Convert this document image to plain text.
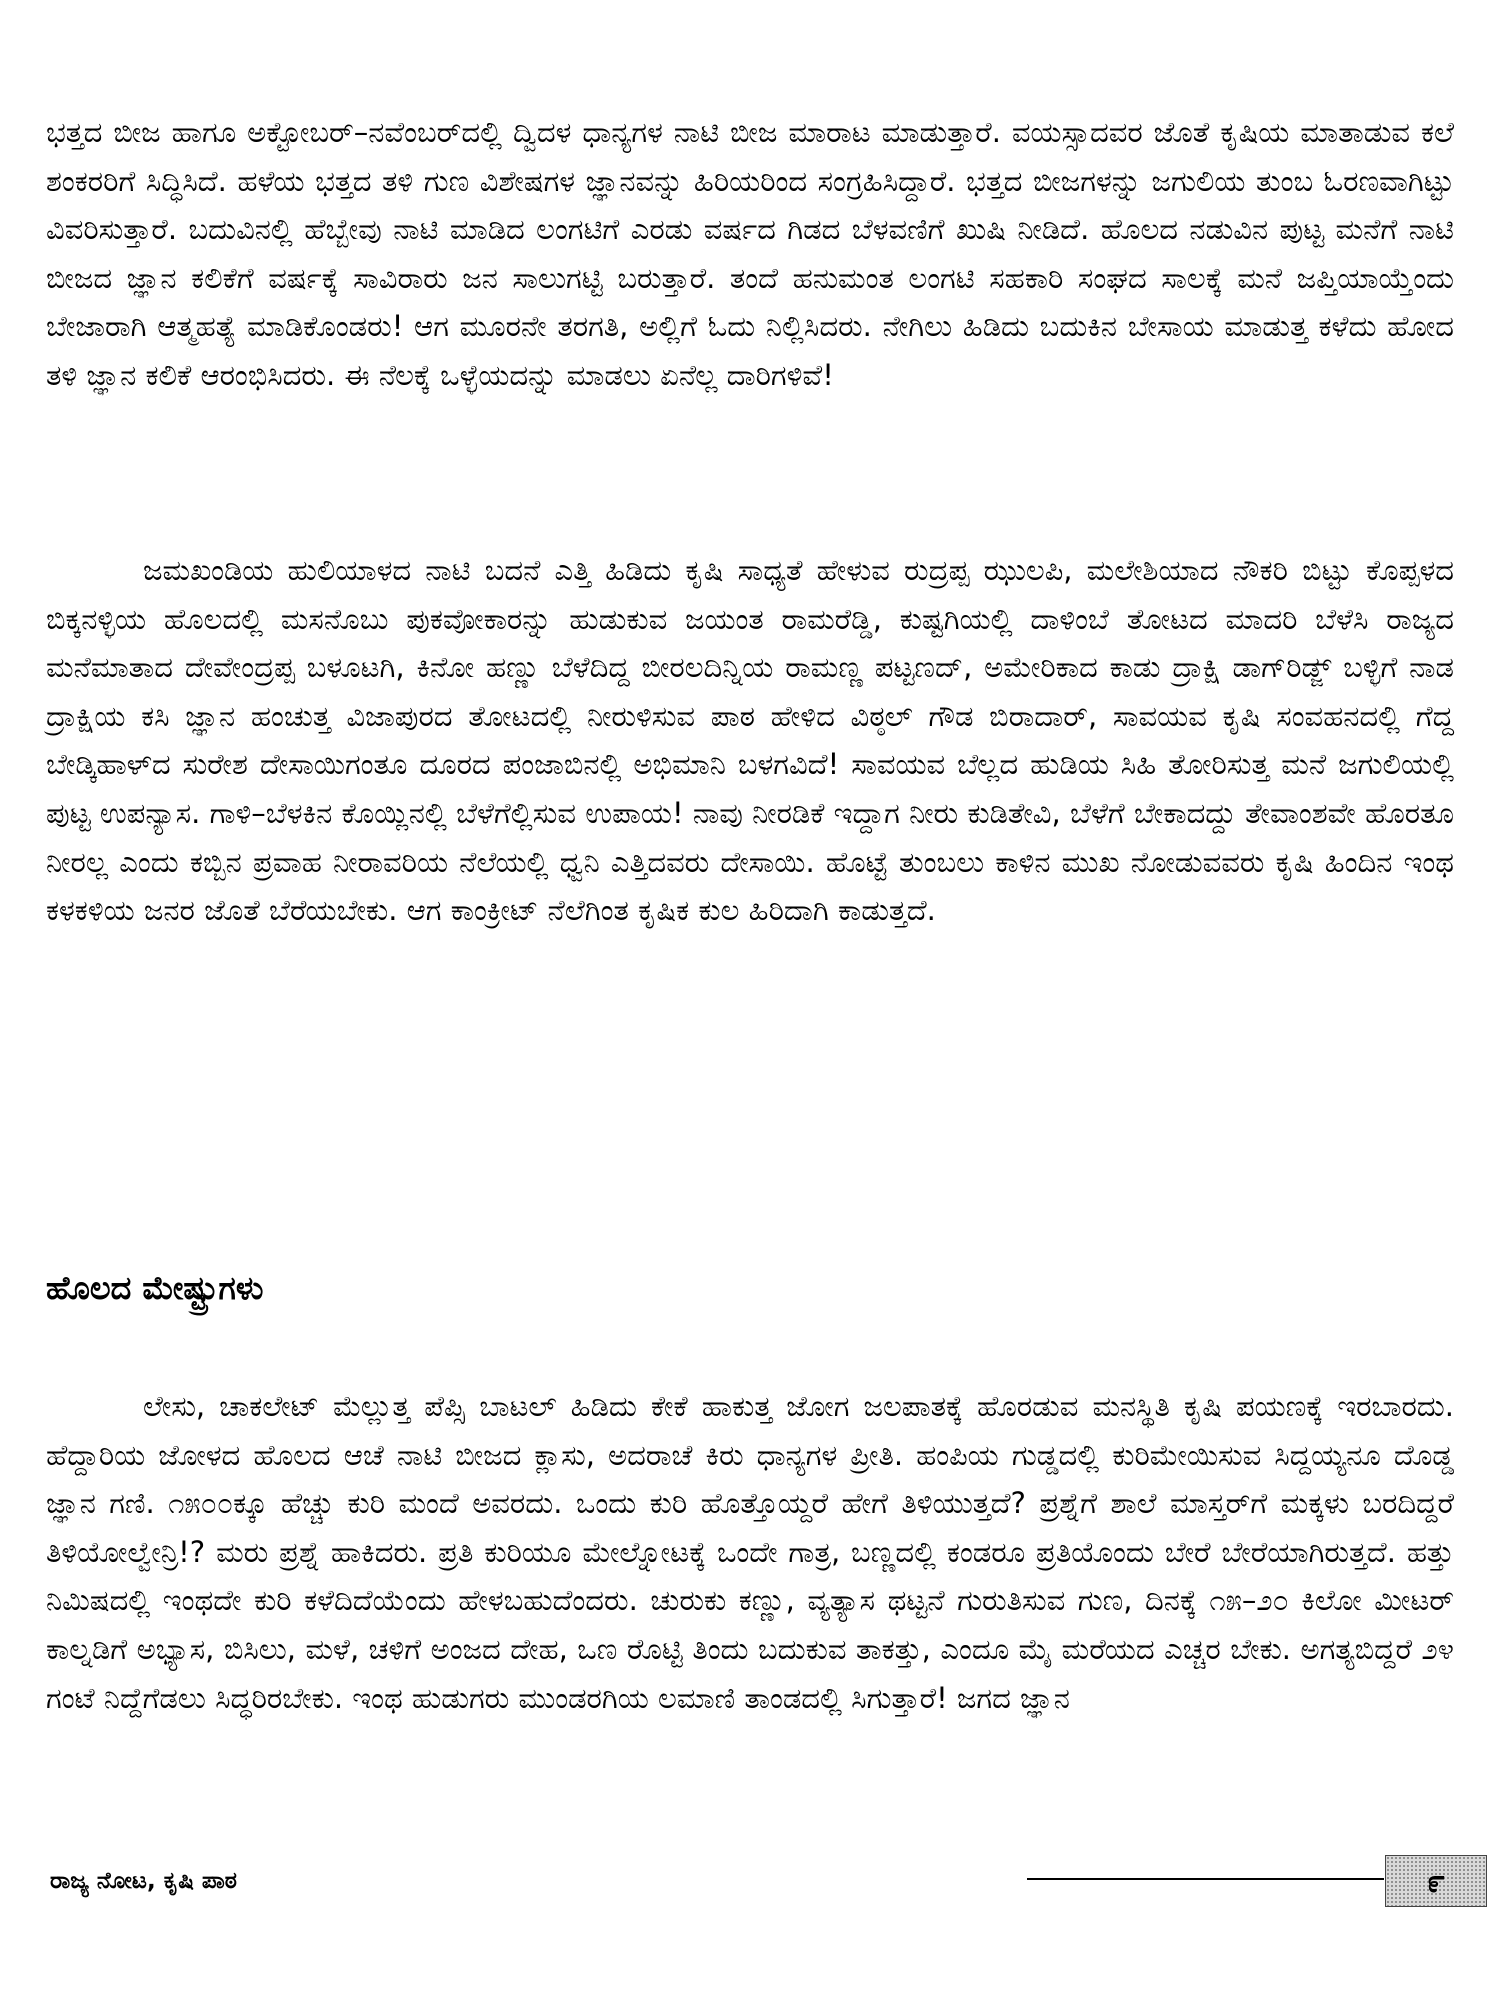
ಭತ್ತದ ಬೀಜ ಹಾಗೂ ಅಕ್ಟೋಬರ್–ನವೆಂಬರ್‌ದಲ್ಲಿ ದ್ವಿದಳ ಧಾನ್ಯಗಳ ನಾಟಿ ಬೀಜ ಮಾರಾಟ ಮಾಡುತ್ತಾರೆ. ವಯಸ್ಸಾದವರ ಜೊತೆ ಕೃಷಿಯ ಮಾತಾಡುವ ಕಲೆ ಶಂಕರರಿಗೆ ಸಿದ್ಧಿಸಿದೆ. ಹಳೆಯ ಭತ್ತದ ತಳಿ ಗುಣ ವಿಶೇಷಗಳ ಜ್ಞಾನವನ್ನು ಹಿರಿಯರಿಂದ ಸಂಗ್ರಹಿಸಿದ್ದಾರೆ. ಭತ್ತದ ಬೀಜಗಳನ್ನು ಜಗುಲಿಯ ತುಂಬ ಓರಣವಾಗಿಟ್ಟು ವಿವರಿಸುತ್ತಾರೆ. ಬದುವಿನಲ್ಲಿ ಹೆಬ್ಬೇವು ನಾಟಿ ಮಾಡಿದ ಲಂಗಟಿಗೆ ಎರಡು ವರ್ಷದ ಗಿಡದ ಬೆಳವಣಿಗೆ ಖುಷಿ ನೀಡಿದೆ. ಹೊಲದ ನಡುವಿನ ಪುಟ್ಟ ಮನೆಗೆ ನಾಟಿ ಬೀಜದ ಜ್ಞಾನ ಕಲಿಕೆಗೆ ವರ್ಷಕ್ಕೆ ಸಾವಿರಾರು ಜನ ಸಾಲುಗಟ್ಟಿ ಬರುತ್ತಾರೆ. ತಂದೆ ಹನುಮಂತ ಲಂಗಟಿ ಸಹಕಾರಿ ಸಂಘದ ಸಾಲಕ್ಕೆ ಮನೆ ಜಪ್ತಿಯಾಯ್ತೆಂದು ಬೇಜಾರಾಗಿ ಆತ್ಮಹತ್ಯೆ ಮಾಡಿಕೊಂಡರು! ಆಗ ಮೂರನೇ ತರಗತಿ, ಅಲ್ಲಿಗೆ ಓದು ನಿಲ್ಲಿಸಿದರು. ನೇಗಿಲು ಹಿಡಿದು ಬದುಕಿನ ಬೇಸಾಯ ಮಾಡುತ್ತ ಕಳೆದು ಹೋದ ತಳಿ ಜ್ಞಾನ ಕಲಿಕೆ ಆರಂಭಿಸಿದರು. ಈ ನೆಲಕ್ಕೆ ಒಳ್ಳೆಯದನ್ನು ಮಾಡಲು ಏನೆಲ್ಲ ದಾರಿಗಳಿವೆ!

ಜಮಖಂಡಿಯ ಹುಲಿಯಾಳದ ನಾಟಿ ಬದನೆ ಎತ್ತಿ ಹಿಡಿದು ಕೃಷಿ ಸಾಧ್ಯತೆ ಹೇಳುವ ರುದ್ರಪ್ಪ ಝುಲಪಿ, ಮಲೇಶಿಯಾದ ನೌಕರಿ ಬಿಟ್ಟು ಕೊಪ್ಪಳದ ಬಿಕ್ಕನಳ್ಳಿಯ ಹೊಲದಲ್ಲಿ ಮಸನೊಬು ಪುಕವೋಕಾರನ್ನು ಹುಡುಕುವ ಜಯಂತ ರಾಮರೆಡ್ಡಿ, ಕುಷ್ಟಗಿಯಲ್ಲಿ ದಾಳಿಂಬೆ ತೋಟದ ಮಾದರಿ ಬೆಳೆಸಿ ರಾಜ್ಯದ ಮನೆಮಾತಾದ ದೇವೇಂದ್ರಪ್ಪ ಬಳೂಟಗಿ, ಕಿನೋ ಹಣ್ಣು ಬೆಳೆದಿದ್ದ ಬೀರಲದಿನ್ನಿಯ ರಾಮಣ್ಣ ಪಟ್ಟಣದ್, ಅಮೇರಿಕಾದ ಕಾಡು ದ್ರಾಕ್ಷಿ ಡಾಗ್‌ರಿಡ್ಜ್ ಬಳ್ಳಿಗೆ ನಾಡ ದ್ರಾಕ್ಷಿಯ ಕಸಿ ಜ್ಞಾನ ಹಂಚುತ್ತ ವಿಜಾಪುರದ ತೋಟದಲ್ಲಿ ನೀರುಳಿಸುವ ಪಾಠ ಹೇಳಿದ ವಿಠ್ಠಲ್ ಗೌಡ ಬಿರಾದಾರ್, ಸಾವಯವ ಕೃಷಿ ಸಂವಹನದಲ್ಲಿ ಗೆದ್ದ ಬೇಡ್ಕಿಹಾಳ್‌ದ ಸುರೇಶ ದೇಸಾಯಿಗಂತೂ ದೂರದ ಪಂಜಾಬಿನಲ್ಲಿ ಅಭಿಮಾನಿ ಬಳಗವಿದೆ! ಸಾವಯವ ಬೆಲ್ಲದ ಹುಡಿಯ ಸಿಹಿ ತೋರಿಸುತ್ತ ಮನೆ ಜಗುಲಿಯಲ್ಲಿ ಪುಟ್ಟ ಉಪನ್ಯಾಸ. ಗಾಳಿ–ಬೆಳಕಿನ ಕೊಯ್ಲಿನಲ್ಲಿ ಬೆಳೆಗೆಲ್ಲಿಸುವ ಉಪಾಯ! ನಾವು ನೀರಡಿಕೆ ಇದ್ದಾಗ ನೀರು ಕುಡಿತೇವಿ, ಬೆಳೆಗೆ ಬೇಕಾದದ್ದು ತೇವಾಂಶವೇ ಹೊರತೂ ನೀರಲ್ಲ ಎಂದು ಕಬ್ಬಿನ ಪ್ರವಾಹ ನೀರಾವರಿಯ ನೆಲೆಯಲ್ಲಿ ಧ್ವನಿ ಎತ್ತಿದವರು ದೇಸಾಯಿ. ಹೊಟ್ಟೆ ತುಂಬಲು ಕಾಳಿನ ಮುಖ ನೋಡುವವರು ಕೃಷಿ ಹಿಂದಿನ ಇಂಥ ಕಳಕಳಿಯ ಜನರ ಜೊತೆ ಬೆರೆಯಬೇಕು. ಆಗ ಕಾಂಕ್ರೀಟ್ ನೆಲೆಗಿಂತ ಕೃಷಿಕ ಕುಲ ಹಿರಿದಾಗಿ ಕಾಡುತ್ತದೆ.

ಹೊಲದ ಮೇಷ್ಟ್ರುಗಳು

ಲೇಸು, ಚಾಕಲೇಟ್ ಮೆಲ್ಲುತ್ತ ಪೆಪ್ಸಿ ಬಾಟಲ್ ಹಿಡಿದು ಕೇಕೆ ಹಾಕುತ್ತ ಜೋಗ ಜಲಪಾತಕ್ಕೆ ಹೊರಡುವ ಮನಸ್ಥಿತಿ ಕೃಷಿ ಪಯಣಕ್ಕೆ ಇರಬಾರದು. ಹೆದ್ದಾರಿಯ ಜೋಳದ ಹೊಲದ ಆಚೆ ನಾಟಿ ಬೀಜದ ಕ್ಲಾಸು, ಅದರಾಚೆ ಕಿರು ಧಾನ್ಯಗಳ ಪ್ರೀತಿ. ಹಂಪಿಯ ಗುಡ್ಡದಲ್ಲಿ ಕುರಿಮೇಯಿಸುವ ಸಿದ್ದಯ್ಯನೂ ದೊಡ್ಡ ಜ್ಞಾನ ಗಣಿ. ೧೫೦೦ಕ್ಕೂ ಹೆಚ್ಚು ಕುರಿ ಮಂದೆ ಅವರದು. ಒಂದು ಕುರಿ ಹೊತ್ತೊಯ್ದರೆ ಹೇಗೆ ತಿಳಿಯುತ್ತದೆ? ಪ್ರಶ್ನೆಗೆ ಶಾಲೆ ಮಾಸ್ತರ್‌ಗೆ ಮಕ್ಕಳು ಬರದಿದ್ದರೆ ತಿಳಿಯೋಲ್ವೇನ್ರಿ!? ಮರು ಪ್ರಶ್ನೆ ಹಾಕಿದರು. ಪ್ರತಿ ಕುರಿಯೂ ಮೇಲ್ನೋಟಕ್ಕೆ ಒಂದೇ ಗಾತ್ರ, ಬಣ್ಣದಲ್ಲಿ ಕಂಡರೂ ಪ್ರತಿಯೊಂದು ಬೇರೆ ಬೇರೆಯಾಗಿರುತ್ತದೆ. ಹತ್ತು ನಿಮಿಷದಲ್ಲಿ ಇಂಥದೇ ಕುರಿ ಕಳೆದಿದೆಯೆಂದು ಹೇಳಬಹುದೆಂದರು. ಚುರುಕು ಕಣ್ಣು, ವ್ಯತ್ಯಾಸ ಥಟ್ಟನೆ ಗುರುತಿಸುವ ಗುಣ, ದಿನಕ್ಕೆ ೧೫–೨೦ ಕಿಲೋ ಮೀಟರ್ ಕಾಲ್ನಡಿಗೆ ಅಭ್ಯಾಸ, ಬಿಸಿಲು, ಮಳೆ, ಚಳಿಗೆ ಅಂಜದ ದೇಹ, ಒಣ ರೊಟ್ಟಿ ತಿಂದು ಬದುಕುವ ತಾಕತ್ತು, ಎಂದೂ ಮೈ ಮರೆಯದ ಎಚ್ಚರ ಬೇಕು. ಅಗತ್ಯಬಿದ್ದರೆ ೨೪ ಗಂಟೆ ನಿದ್ದೆಗೆಡಲು ಸಿದ್ಧರಿರಬೇಕು. ಇಂಥ ಹುಡುಗರು ಮುಂಡರಗಿಯ ಲಮಾಣಿ ತಾಂಡದಲ್ಲಿ ಸಿಗುತ್ತಾರೆ! ಜಗದ ಜ್ಞಾನ

ರಾಜ್ಯ ನೋಟ, ಕೃಷಿ ಪಾಠ	೯
